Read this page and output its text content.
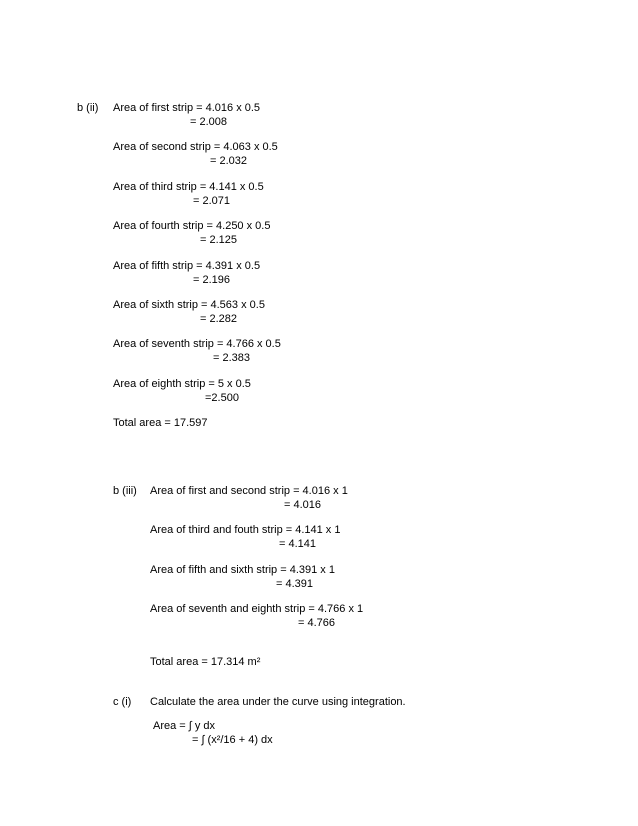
b (ii) Area of first strip = 4.016 x 0.5
= 2.008
Area of second strip = 4.063 x 0.5
= 2.032
Area of third strip = 4.141 x 0.5
= 2.071
Area of fourth strip = 4.250 x 0.5
= 2.125
Area of fifth strip = 4.391 x 0.5
= 2.196
Area of sixth strip = 4.563 x 0.5
= 2.282
Area of seventh strip = 4.766 x 0.5
= 2.383
Area of eighth strip = 5 x 0.5
=2.500
Total area = 17.597
b (iii) Area of first and second strip = 4.016 x 1
= 4.016
Area of third and fouth strip = 4.141 x 1
= 4.141
Area of fifth and sixth strip = 4.391 x 1
= 4.391
Area of seventh and eighth strip = 4.766 x 1
= 4.766
Total area = 17.314 m²
c (i) Calculate the area under the curve using integration.
Area = ∫ y dx
= ∫ (x²/16 + 4) dx
